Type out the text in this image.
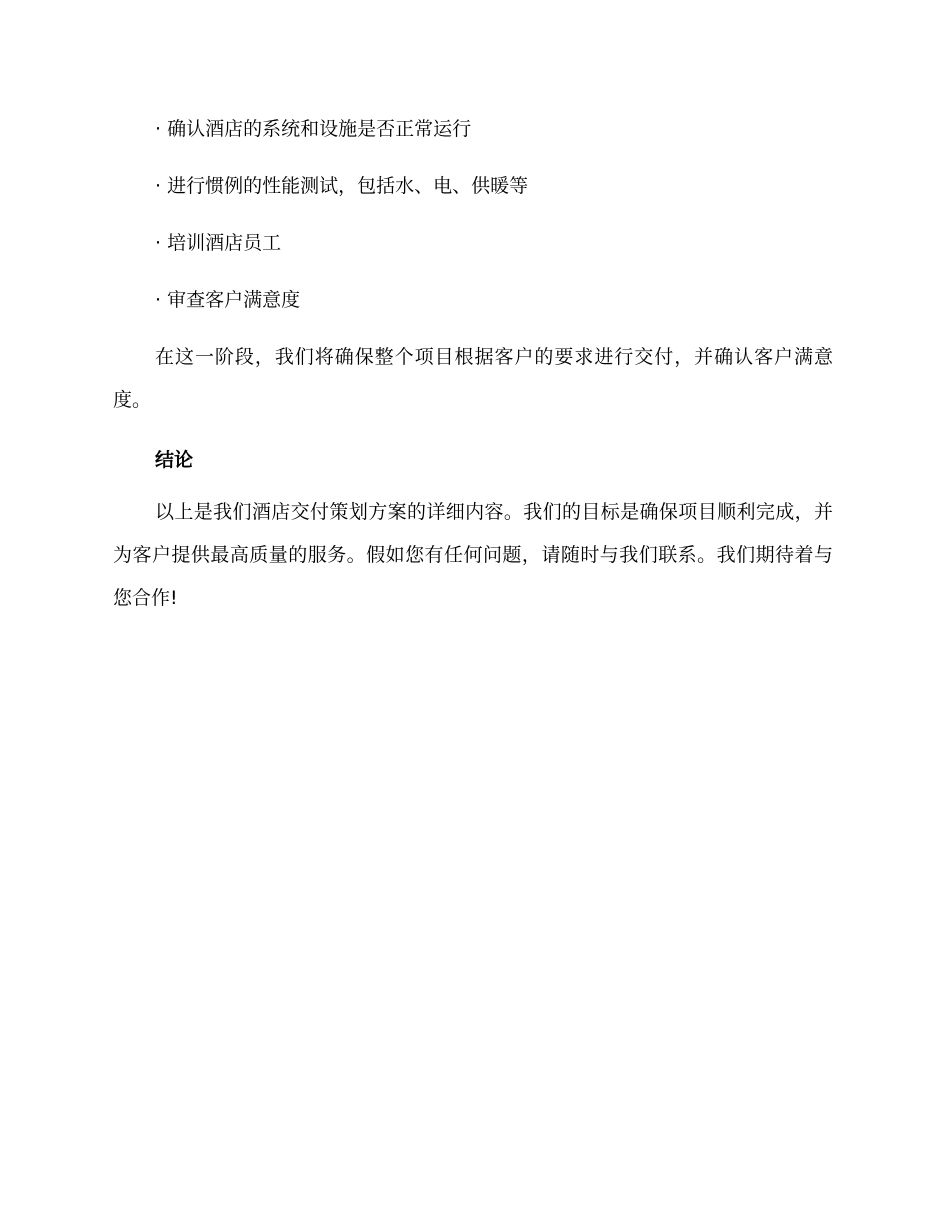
· 确认酒店的系统和设施是否正常运行

· 进行惯例的性能测试，包括水、电、供暖等

· 培训酒店员工

· 审查客户满意度

在这一阶段，我们将确保整个项目根据客户的要求进行交付，并确认客户满意度。

结论

以上是我们酒店交付策划方案的详细内容。我们的目标是确保项目顺利完成，并为客户提供最高质量的服务。假如您有任何问题，请随时与我们联系。我们期待着与您合作!
